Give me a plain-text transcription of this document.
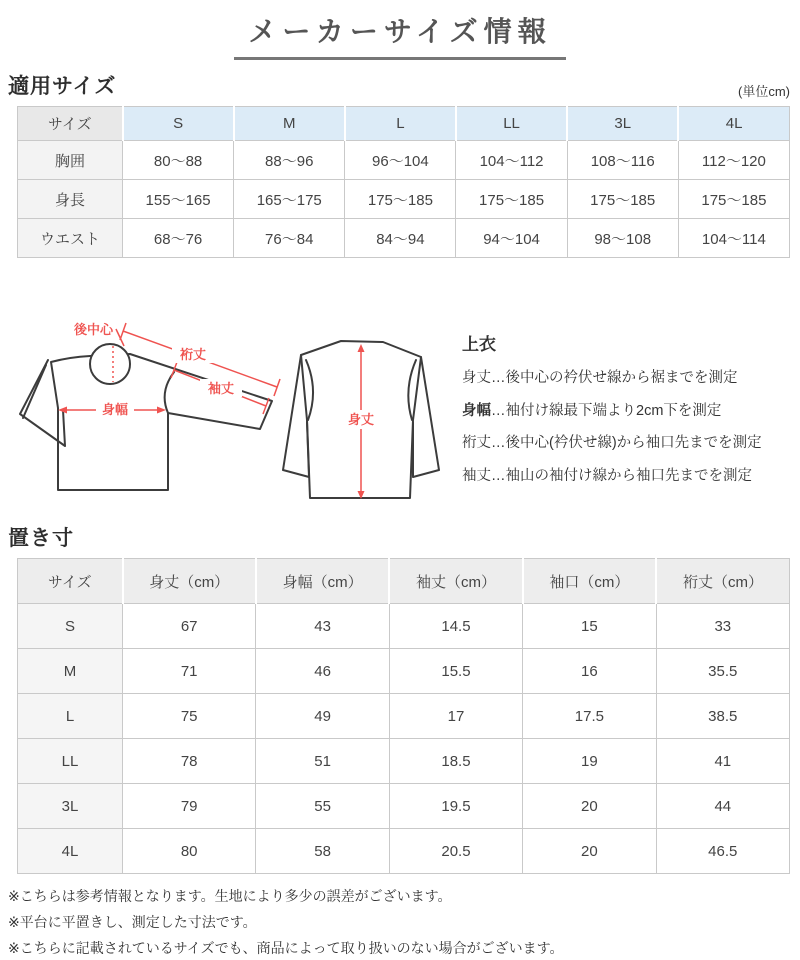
メーカーサイズ情報
適用サイズ	(単位cm)
サイズ	S	M	L	LL	3L	4L
胸囲	80〜88	88〜96	96〜104	104〜112	108〜116	112〜120
身長	155〜165	165〜175	175〜185	175〜185	175〜185	175〜185
ウエスト	68〜76	76〜84	84〜94	94〜104	98〜108	104〜114
後中心
裄丈
袖丈
身幅
身丈
上衣

身丈…後中心の衿伏せ線から裾までを測定

身幅…袖付け線最下端より2cm下を測定

裄丈…後中心(衿伏せ線)から袖口先までを測定

袖丈…袖山の袖付け線から袖口先までを測定

置き寸
サイズ	身丈（cm）	身幅（cm）	袖丈（cm）	袖口（cm）	裄丈（cm）
S	67	43	14.5	15	33
M	71	46	15.5	16	35.5
L	75	49	17	17.5	38.5
LL	78	51	18.5	19	41
3L	79	55	19.5	20	44
4L	80	58	20.5	20	46.5

※こちらは参考情報となります。生地により多少の誤差がございます。

※平台に平置きし、測定した寸法です。

※こちらに記載されているサイズでも、商品によって取り扱いのない場合がございます。
